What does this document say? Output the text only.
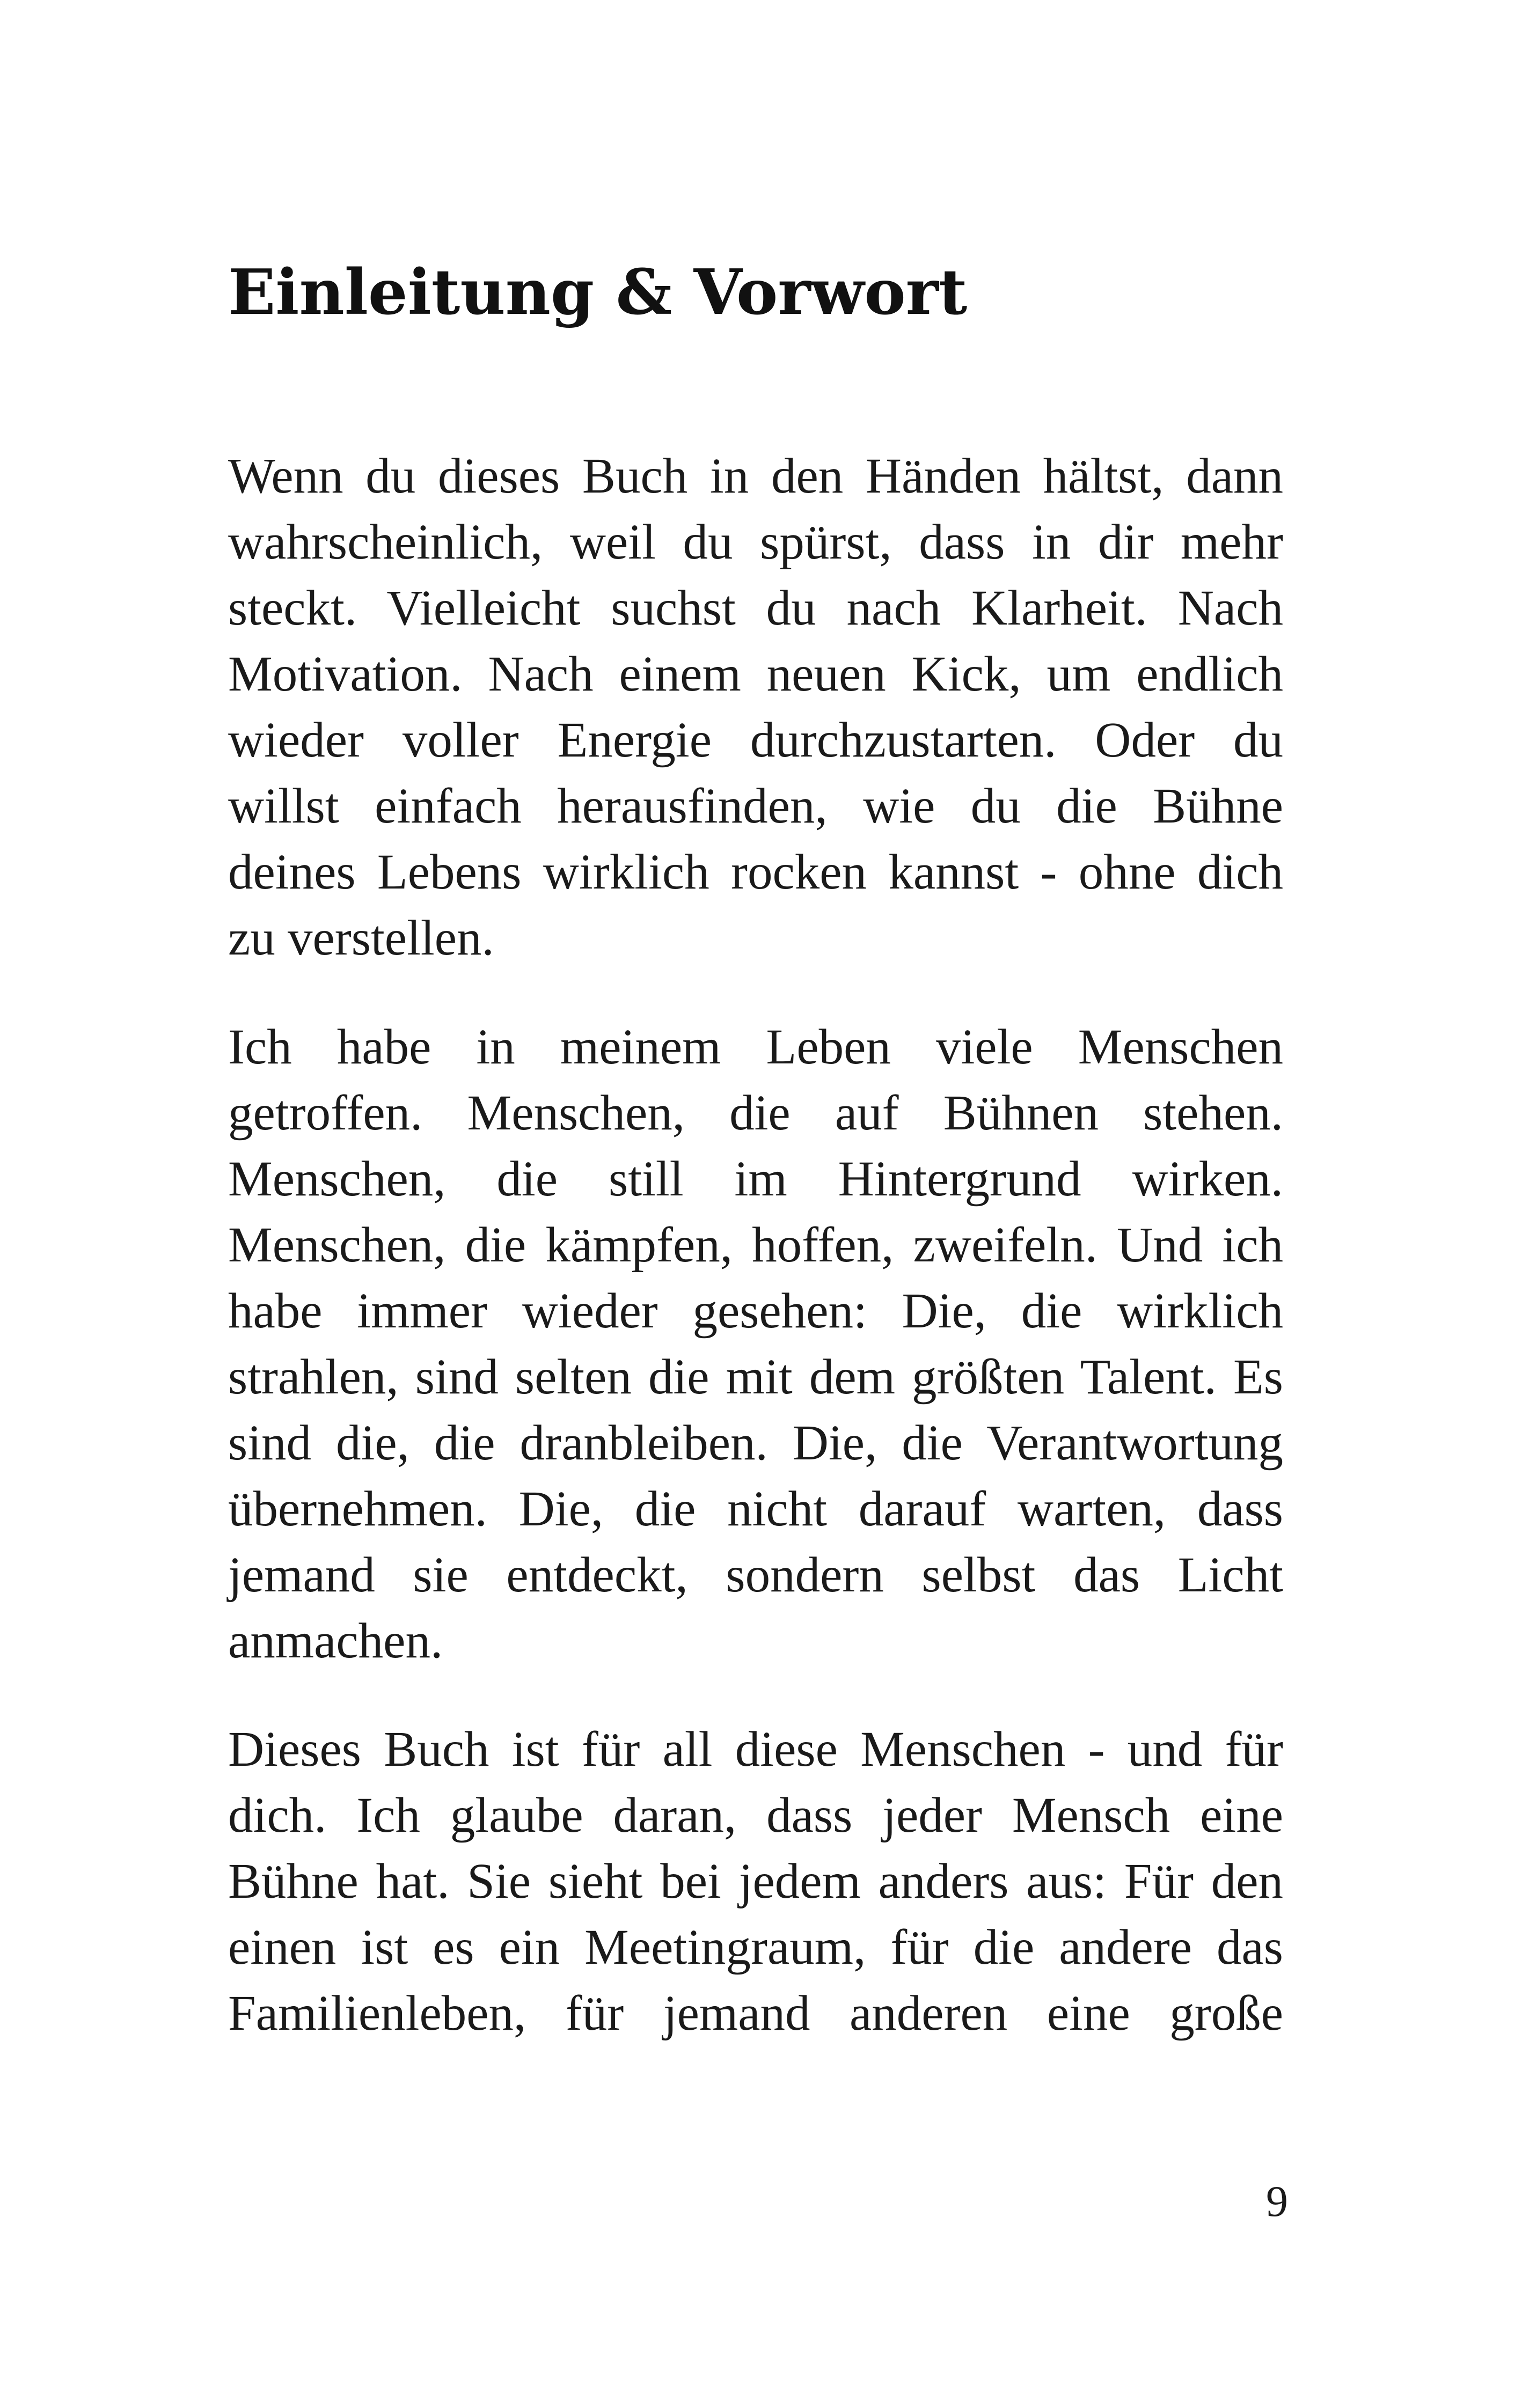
Einleitung & Vorwort
Wenn du dieses Buch in den Händen hältst, dann
wahrscheinlich, weil du spürst, dass in dir mehr
steckt. Vielleicht suchst du nach Klarheit. Nach
Motivation. Nach einem neuen Kick, um endlich
wieder voller Energie durchzustarten. Oder du
willst einfach herausfinden, wie du die Bühne
deines Lebens wirklich rocken kannst - ohne dich
zu verstellen.
Ich habe in meinem Leben viele Menschen
getroffen. Menschen, die auf Bühnen stehen.
Menschen, die still im Hintergrund wirken.
Menschen, die kämpfen, hoffen, zweifeln. Und ich
habe immer wieder gesehen: Die, die wirklich
strahlen, sind selten die mit dem größten Talent. Es
sind die, die dranbleiben. Die, die Verantwortung
übernehmen. Die, die nicht darauf warten, dass
jemand sie entdeckt, sondern selbst das Licht
anmachen.
Dieses Buch ist für all diese Menschen - und für
dich. Ich glaube daran, dass jeder Mensch eine
Bühne hat. Sie sieht bei jedem anders aus: Für den
einen ist es ein Meetingraum, für die andere das
Familienleben, für jemand anderen eine große
9
